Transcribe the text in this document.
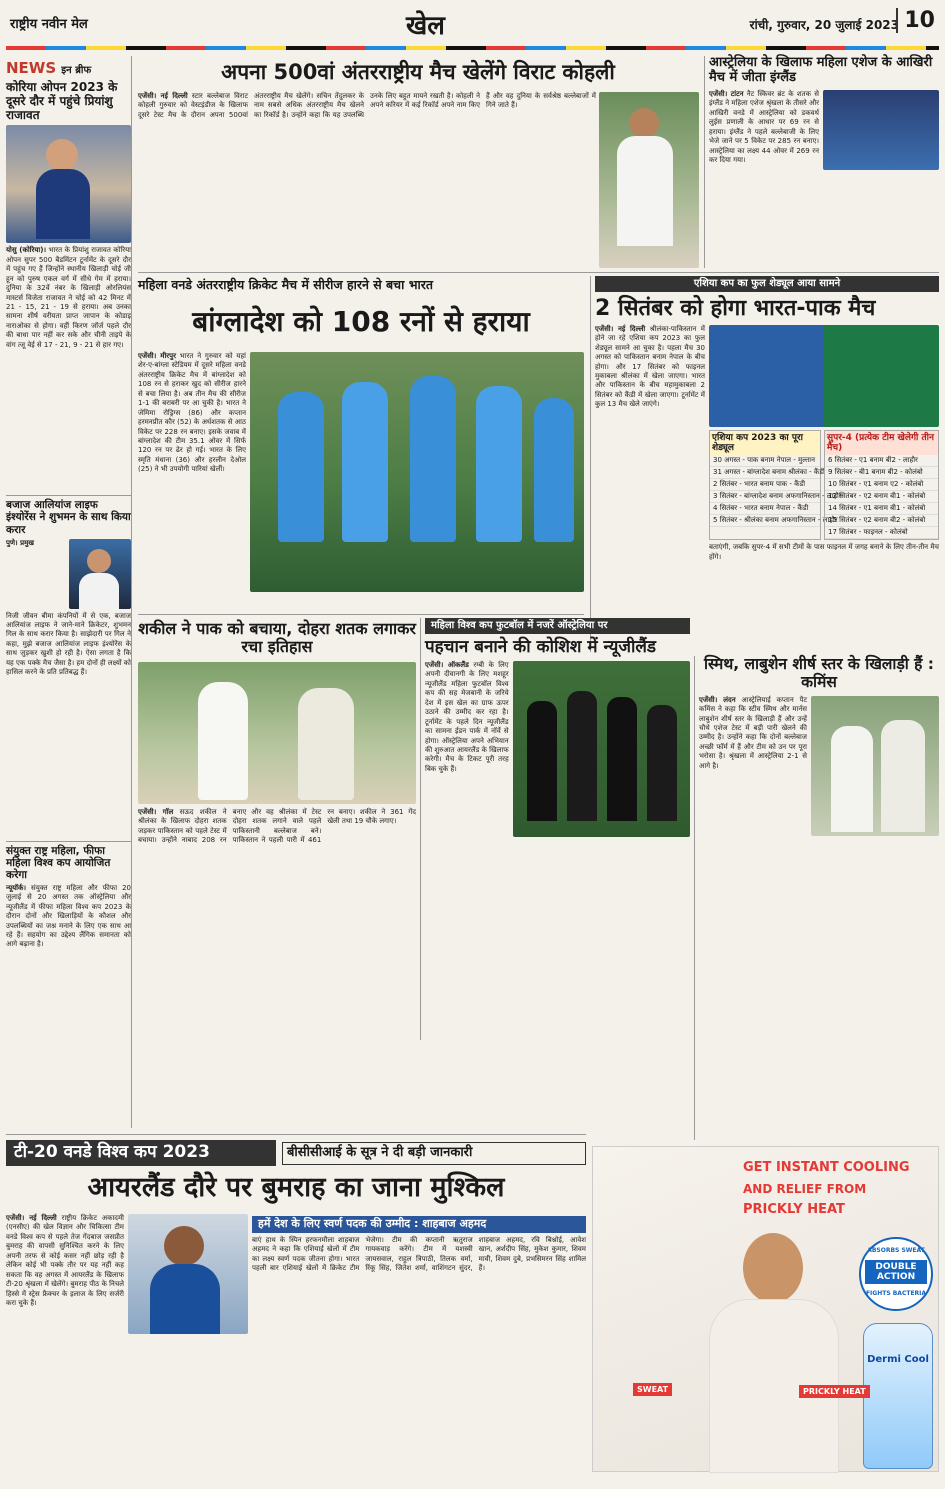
राष्ट्रीय नवीन मेल	खेल	रांची, गुरुवार, 20 जुलाई 2023 10
NEWS इन ब्रीफ
कोरिया ओपन 2023 के दूसरे दौर में पहुंचे प्रियांशु राजावत
योसु (कोरिया)। भारत के प्रियांशु राजावत कोरिया ओपन सुपर 500 बैडमिंटन टूर्नामेंट के दूसरे दौर में पहुंच गए हैं जिन्होंने स्थानीय खिलाड़ी चोई जी हून को पुरुष एकल वर्ग में सीधे गेम में हराया। दुनिया के 32वें नंबर के खिलाड़ी ओरलियंस मास्टर्स विजेता राजावत ने चोई को 42 मिनट में 21 - 15, 21 - 19 से हराया। अब उनका सामना शीर्ष वरीयता प्राप्त जापान के कोडाइ नाराओका से होगा। वहीं किरण जॉर्ज पहले दौर की बाधा पार नहीं कर सके और चीनी ताइपे के वांग त्जू वेई से 17 - 21, 9 - 21 से हार गए।
बजाज आलियांज लाइफ इंश्योरेंस ने शुभमन के साथ किया करार
पुणे। प्रमुख
निजी जीवन बीमा कंपनियों में से एक, बजाज आलियांज लाइफ ने जाने-माने क्रिकेटर, शुभमन गिल के साथ करार किया है। साझेदारी पर गिल ने कहा, मुझे बजाज आलियांज लाइफ इंश्योरेंस के साथ जुड़कर खुशी हो रही है। ऐसा लगता है कि यह एक पक्के मैच जैसा है। हम दोनों ही लक्ष्यों को हासिल करने के प्रति प्रतिबद्ध हैं।
संयुक्त राष्ट्र महिला, फीफा महिला विश्व कप आयोजित करेगा
न्यूयॉर्क। संयुक्त राष्ट्र महिला और फीफा 20 जुलाई से 20 अगस्त तक ऑस्ट्रेलिया और न्यूजीलैंड में फीफा महिला विश्व कप 2023 के दौरान दोनों और खिलाड़ियों के कौशल और उपलब्धियों का जश्न मनाने के लिए एक साथ आ रहे हैं। सहयोग का उद्देश्य लैंगिक समानता को आगे बढ़ाना है।
अपना 500वां अंतरराष्ट्रीय मैच खेलेंगे विराट कोहली
एजेंसी। नई दिल्ली स्टार बल्लेबाज विराट कोहली गुरुवार को वेस्टइंडीज के खिलाफ दूसरे टेस्ट मैच के दौरान अपना 500वां अंतरराष्ट्रीय मैच खेलेंगे। सचिन तेंदुलकर के नाम सबसे अधिक अंतरराष्ट्रीय मैच खेलने का रिकॉर्ड है। उन्होंने कहा कि यह उपलब्धि उनके लिए बहुत मायने रखती है। कोहली ने अपने करियर में कई रिकॉर्ड अपने नाम किए हैं और वह दुनिया के सर्वश्रेष्ठ बल्लेबाजों में गिने जाते हैं।
आस्ट्रेलिया के खिलाफ महिला एशेज के आखिरी मैच में जीता इंग्लैंड
एजेंसी। टांटन नैट स्किवर ब्रंट के शतक से इंग्लैंड ने महिला एशेज श्रृंखला के तीसरे और आखिरी वनडे में आस्ट्रेलिया को डकवर्थ लुईस प्रणाली के आधार पर 69 रन से हराया। इंग्लैंड ने पहले बल्लेबाजी के लिए भेजे जाने पर 5 विकेट पर 285 रन बनाए। आस्ट्रेलिया का लक्ष्य 44 ओवर में 269 रन कर दिया गया।
महिला वनडे अंतरराष्ट्रीय क्रिकेट मैच में सीरीज हारने से बचा भारत
बांग्लादेश को 108 रनों से हराया
एजेंसी। मीरपुर भारत ने गुरुवार को यहां शेर-ए-बांग्ला स्टेडियम में दूसरे महिला वनडे अंतरराष्ट्रीय क्रिकेट मैच में बांग्लादेश को 108 रन से हराकर खुद को सीरीज हारने से बचा लिया है। अब तीन मैच की सीरीज 1-1 की बराबरी पर आ चुकी है। भारत ने जेमिमा रोड्रिग्स (86) और कप्तान हरमनप्रीत कौर (52) के अर्धशतक से आठ विकेट पर 228 रन बनाए। इसके जवाब में बांग्लादेश की टीम 35.1 ओवर में सिर्फ 120 रन पर ढेर हो गई। भारत के लिए स्मृति मंधाना (36) और हरलीन देओल (25) ने भी उपयोगी पारियां खेलीं।
एशिया कप का फुल शेड्यूल आया सामने
2 सितंबर को होगा भारत-पाक मैच
एजेंसी। नई दिल्ली श्रीलंका-पाकिस्तान में होने जा रहे एशिया कप 2023 का फुल शेड्यूल सामने आ चुका है। पहला मैच 30 अगस्त को पाकिस्तान बनाम नेपाल के बीच होगा। और 17 सितंबर को फाइनल मुकाबला श्रीलंका में खेला जाएगा। भारत और पाकिस्तान के बीच महामुकाबला 2 सितंबर को कैंडी में खेला जाएगा। टूर्नामेंट में कुल 13 मैच खेले जाएंगे।
एशिया कप 2023 का पूरा शेड्यूल
30 अगस्त - पाक बनाम नेपाल - मुल्तान
31 अगस्त - बांग्लादेश बनाम श्रीलंका - कैंडी
2 सितंबर - भारत बनाम पाक - कैंडी
3 सितंबर - बांग्लादेश बनाम अफगानिस्तान - लाहौर
4 सितंबर - भारत बनाम नेपाल - कैंडी
5 सितंबर - श्रीलंका बनाम अफगानिस्तान - लाहौर
सुपर-4 (प्रत्येक टीम खेलेगी तीन मैच)
6 सितंबर - ए1 बनाम बी2 - लाहौर
9 सितंबर - बी1 बनाम बी2 - कोलंबो
10 सितंबर - ए1 बनाम ए2 - कोलंबो
12 सितंबर - ए2 बनाम बी1 - कोलंबो
14 सितंबर - ए1 बनाम बी1 - कोलंबो
15 सितंबर - ए2 बनाम बी2 - कोलंबो
17 सितंबर - फाइनल - कोलंबो
बताएंगी, जबकि सुपर-4 में सभी टीमों के पास फाइनल में जगह बनाने के लिए तीन-तीन मैच होंगे।
शकील ने पाक को बचाया, दोहरा शतक लगाकर रचा इतिहास
एजेंसी। गॉल सऊद शकील ने श्रीलंका के खिलाफ दोहरा शतक जड़कर पाकिस्तान को पहले टेस्ट में बचाया। उन्होंने नाबाद 208 रन बनाए और वह श्रीलंका में टेस्ट दोहरा शतक लगाने वाले पहले पाकिस्तानी बल्लेबाज बने। पाकिस्तान ने पहली पारी में 461 रन बनाए। शकील ने 361 गेंद खेली तथा 19 चौके लगाए।
महिला विश्व कप फुटबॉल में नजरें ऑस्ट्रेलिया पर
पहचान बनाने की कोशिश में न्यूजीलैंड
एजेंसी। ऑकलैंड रग्बी के लिए अपनी दीवानगी के लिए मशहूर न्यूजीलैंड महिला फुटबॉल विश्व कप की सह मेजबानी के जरिये देश में इस खेल का ग्राफ ऊपर उठाने की उम्मीद कर रहा है। टूर्नामेंट के पहले दिन न्यूजीलैंड का सामना ईडन पार्क में नॉर्वे से होगा। ऑस्ट्रेलिया अपने अभियान की शुरुआत आयरलैंड के खिलाफ करेगी। मैच के टिकट पूरी तरह बिक चुके हैं।
स्मिथ, लाबुशेन शीर्ष स्तर के खिलाड़ी हैं : कमिंस
एजेंसी। लंदन आस्ट्रेलियाई कप्तान पैट कमिंस ने कहा कि स्टीव स्मिथ और मार्नस लाबुशेन शीर्ष स्तर के खिलाड़ी हैं और उन्हें चौथे एशेज टेस्ट में बड़ी पारी खेलने की उम्मीद है। उन्होंने कहा कि दोनों बल्लेबाज अच्छी फॉर्म में हैं और टीम को उन पर पूरा भरोसा है। श्रृंखला में आस्ट्रेलिया 2-1 से आगे है।
टी-20 वनडे विश्व कप 2023	बीसीसीआई के सूत्र ने दी बड़ी जानकारी
आयरलैंड दौरे पर बुमराह का जाना मुश्किल
एजेंसी। नई दिल्ली राष्ट्रीय क्रिकेट अकादमी (एनसीए) की खेल विज्ञान और चिकित्सा टीम वनडे विश्व कप से पहले तेज गेंदबाज जसप्रीत बुमराह की वापसी सुनिश्चित करने के लिए अपनी तरफ से कोई कसर नहीं छोड़ रही है लेकिन कोई भी पक्के तौर पर यह नहीं कह सकता कि वह अगस्त में आयरलैंड के खिलाफ टी-20 श्रृंखला में खेलेंगे। बुमराह पीठ के निचले हिस्से में स्ट्रेस फ्रैक्चर के इलाज के लिए सर्जरी करा चुके हैं।
हमें देश के लिए स्वर्ण पदक की उम्मीद : शाहबाज अहमद
बाएं हाथ के स्पिन हरफनमौला शाहबाज अहमद ने कहा कि एशियाई खेलों में टीम का लक्ष्य स्वर्ण पदक जीतना होगा। भारत पहली बार एशियाई खेलों में क्रिकेट टीम भेजेगा। टीम की कप्तानी ऋतुराज गायकवाड़ करेंगे। टीम में यशस्वी जायसवाल, राहुल त्रिपाठी, तिलक वर्मा, रिंकू सिंह, जितेश शर्मा, वाशिंगटन सुंदर, शाहबाज अहमद, रवि बिश्नोई, आवेश खान, अर्शदीप सिंह, मुकेश कुमार, शिवम मावी, शिवम दुबे, प्रभसिमरन सिंह शामिल हैं।
GET INSTANT COOLING
AND RELIEF FROM
PRICKLY HEAT
ABSORBS SWEAT
DOUBLE ACTION
FIGHTS BACTERIA
Dermi Cool
PRICKLY HEAT
SWEAT
